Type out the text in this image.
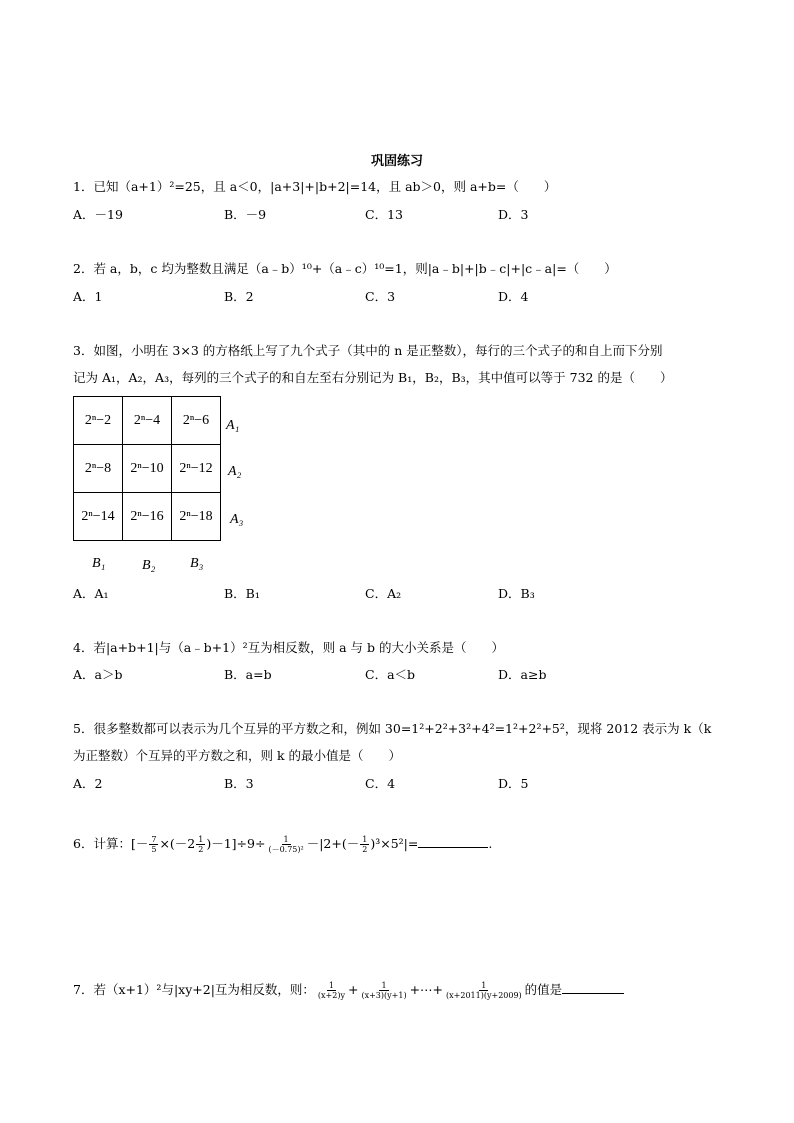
巩固练习
1．已知（a+1）²=25，且 a＜0，|a+3|+|b+2|=14，且 ab＞0，则 a+b=（　　）
A．－19	B．－9	C．13	D．3
2．若 a，b，c 均为整数且满足（a﹣b）¹⁰+（a﹣c）¹⁰=1，则|a﹣b|+|b﹣c|+|c﹣a|=（　　）
A．1	B．2	C．3	D．4
3．如图，小明在 3×3 的方格纸上写了九个式子（其中的 n 是正整数），每行的三个式子的和自上而下分别
记为 A₁，A₂，A₃，每列的三个式子的和自左至右分别记为 B₁，B₂，B₃，其中值可以等于 732 的是（　　）
2ⁿ−2	2ⁿ−4	2ⁿ−6
2ⁿ−8	2ⁿ−10	2ⁿ−12
2ⁿ−14	2ⁿ−16	2ⁿ−18
A₁
A₂
A₃
B₁	B₂ B₃
A．A₁	B．B₁	C．A₂	D．B₃
4．若|a+b+1|与（a﹣b+1）²互为相反数，则 a 与 b 的大小关系是（　　）
A．a＞b	B．a=b	C．a＜b	D．a≥b
5．很多整数都可以表示为几个互异的平方数之和，例如 30=1²+2²+3²+4²=1²+2²+5²，现将 2012 表示为 k（k
为正整数）个互异的平方数之和，则 k 的最小值是（　　）
A．2	B．3	C．4	D．5
6．计算：[－ $\frac{7}{5} \times(-2 \frac{1}{2} )-1]\div 9\div \frac{1}{\text{(－0.75)²}} -|2+(- \frac{1}{2} )^3\times 5^2|=$	.
7．若（x+1）²与|xy+2|互为相反数，则： $\frac{1}{(x+2)y} + \frac{1}{(x+3)(y+1)}$ +⋯+ $\frac{1}{(x+2011)(y+2009)}$ 的值是
